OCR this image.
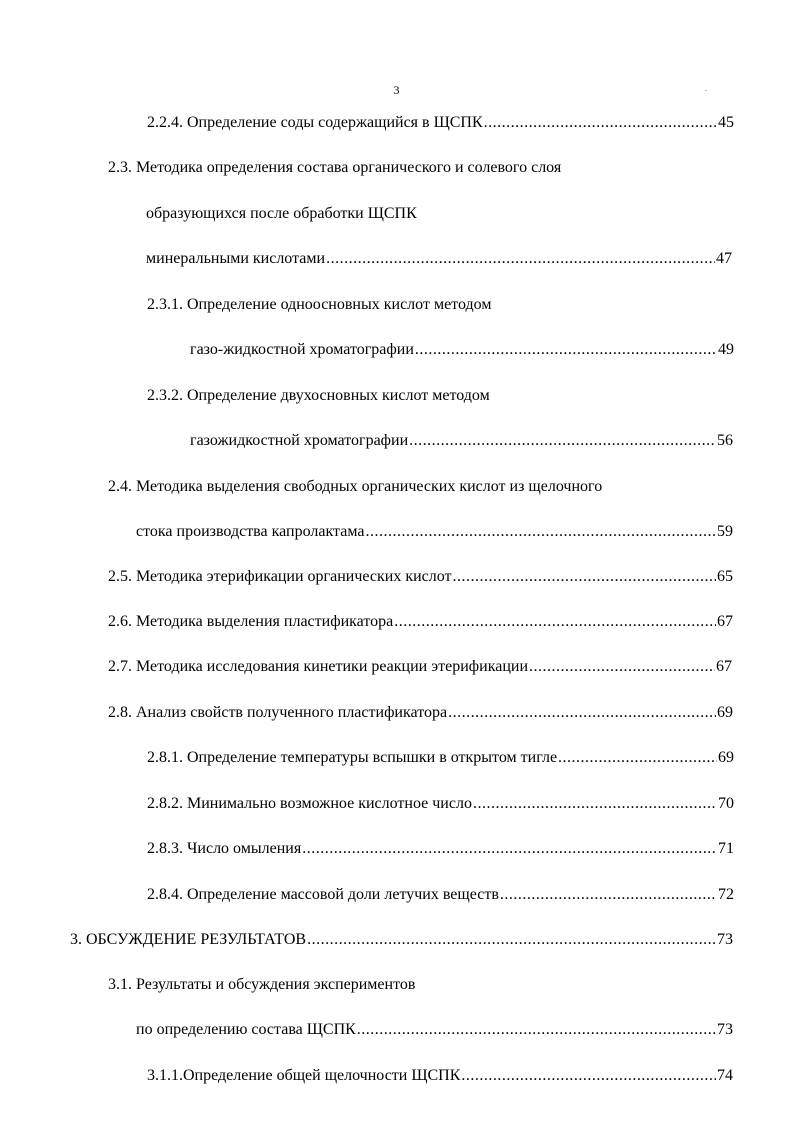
3
2.2.4. Определение соды содержащийся в ЩСПК .....	45
2.3. Методика определения состава органического и солевого слоя
образующихся после обработки ЩСПК
минеральными кислотами .....	47
2.3.1. Определение одноосновных кислот методом
газо-жидкостной хроматографии .....	49
2.3.2. Определение двухосновных кислот методом
газожидкостной хроматографии .....	56
2.4. Методика выделения свободных органических кислот из щелочного
стока производства капролактама .....	59
2.5. Методика этерификации органических кислот .....	65
2.6. Методика выделения пластификатора .....	67
2.7. Методика исследования кинетики реакции этерификации .....	67
2.8. Анализ свойств полученного пластификатора .....	69
2.8.1. Определение температуры вспышки в открытом тигле .....	69
2.8.2. Минимально возможное кислотное число .....	70
2.8.3. Число омыления .....	71
2.8.4. Определение массовой доли летучих веществ .....	72
3. ОБСУЖДЕНИЕ РЕЗУЛЬТАТОВ .....	73
3.1. Результаты и обсуждения экспериментов
по определению состава ЩСПК .....	73
3.1.1.Определение общей щелочности ЩСПК .....	74
